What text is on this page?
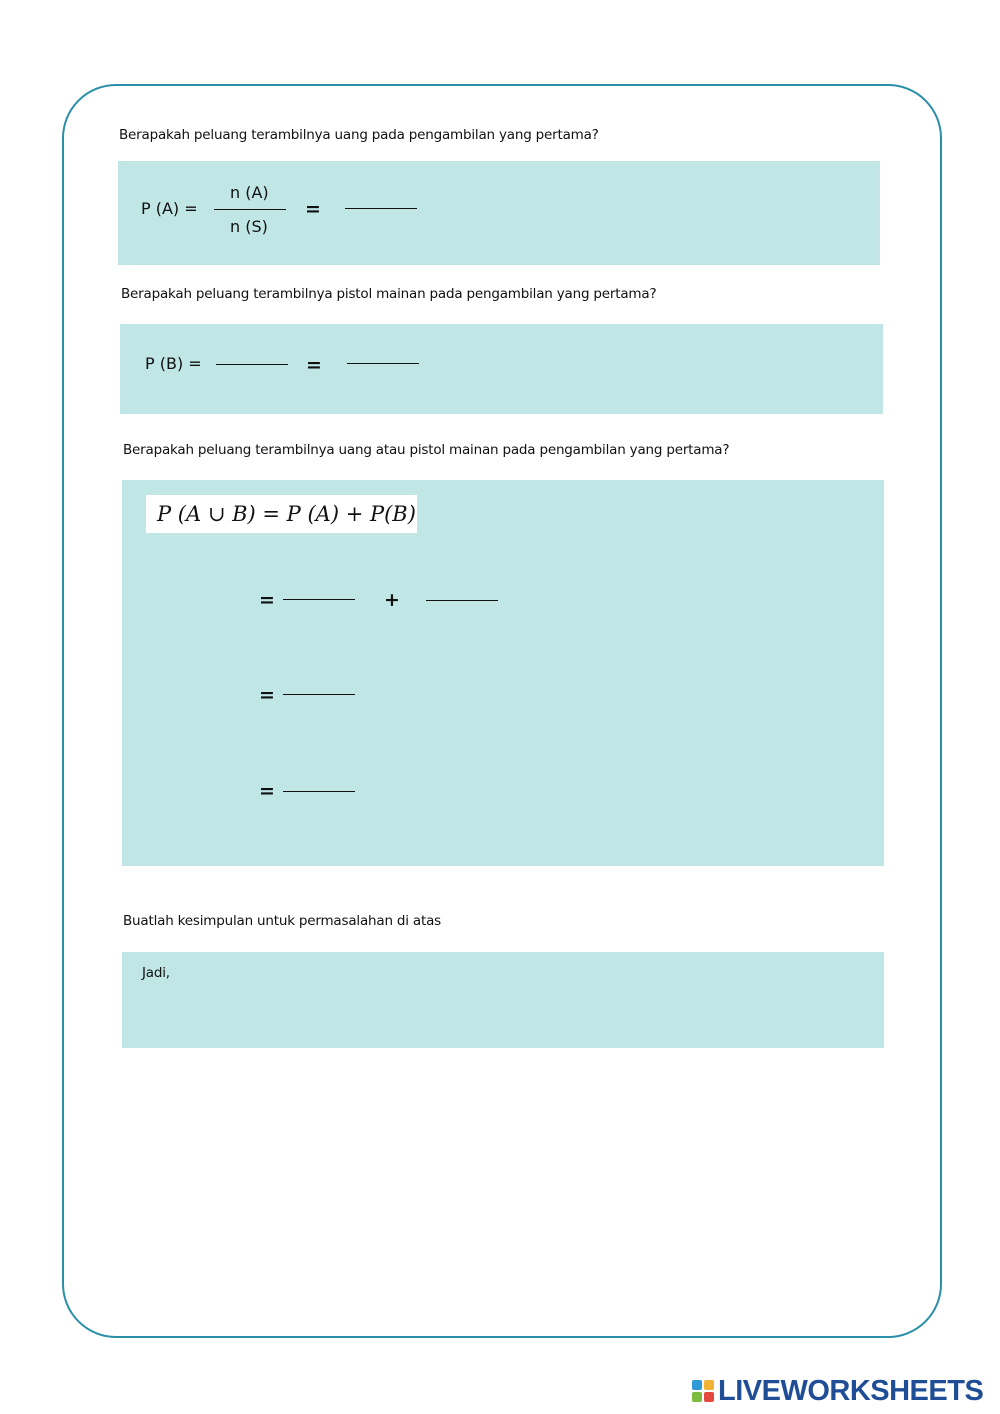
Berapakah peluang terambilnya uang pada pengambilan yang pertama?
P (A) =
n (A)
n (S)
=
Berapakah peluang terambilnya pistol mainan pada pengambilan yang pertama?
P (B) =	=
Berapakah peluang terambilnya uang atau pistol mainan pada pengambilan yang pertama?
P (A ∪ B) = P (A) + P(B)
=	+
=
=
Buatlah kesimpulan untuk permasalahan di atas
Jadi,
LIVEWORKSHEETS
